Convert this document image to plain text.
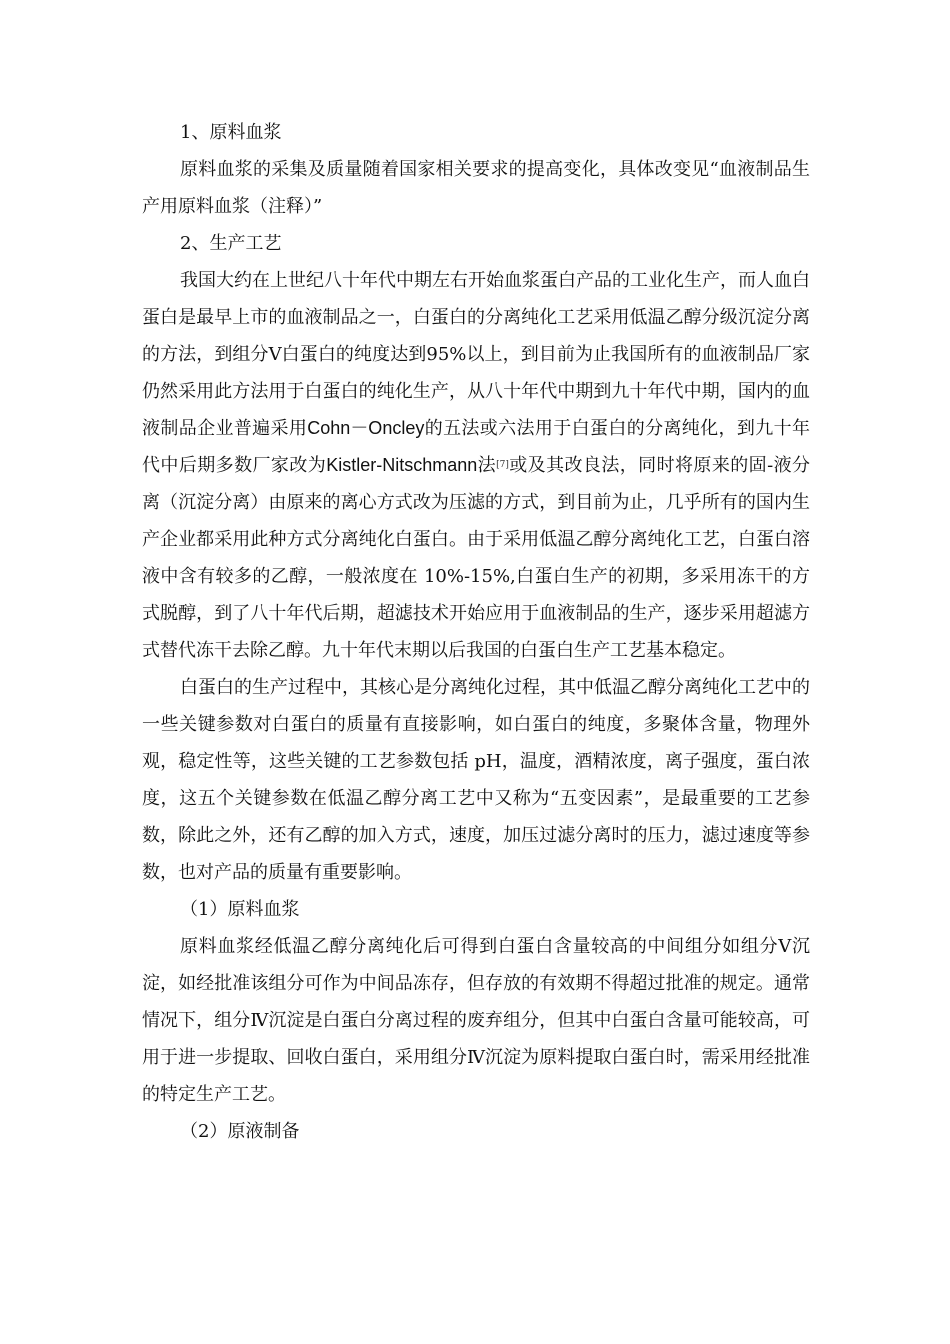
1、原料血浆

原料血浆的采集及质量随着国家相关要求的提高变化，具体改变见“血液制品生产用原料血浆（注释）”

2、生产工艺

我国大约在上世纪八十年代中期左右开始血浆蛋白产品的工业化生产，而人血白蛋白是最早上市的血液制品之一，白蛋白的分离纯化工艺采用低温乙醇分级沉淀分离的方法，到组分Ⅴ白蛋白的纯度达到95%以上，到目前为止我国所有的血液制品厂家仍然采用此方法用于白蛋白的纯化生产，从八十年代中期到九十年代中期，国内的血液制品企业普遍采用Cohn－Oncley的五法或六法用于白蛋白的分离纯化，到九十年代中后期多数厂家改为Kistler-Nitschmann法[7]或及其改良法，同时将原来的固-液分离（沉淀分离）由原来的离心方式改为压滤的方式，到目前为止，几乎所有的国内生产企业都采用此种方式分离纯化白蛋白。由于采用低温乙醇分离纯化工艺，白蛋白溶液中含有较多的乙醇，一般浓度在 10%-15%,白蛋白生产的初期，多采用冻干的方式脱醇，到了八十年代后期，超滤技术开始应用于血液制品的生产，逐步采用超滤方式替代冻干去除乙醇。九十年代末期以后我国的白蛋白生产工艺基本稳定。

白蛋白的生产过程中，其核心是分离纯化过程，其中低温乙醇分离纯化工艺中的一些关键参数对白蛋白的质量有直接影响，如白蛋白的纯度，多聚体含量，物理外观，稳定性等，这些关键的工艺参数包括 pH，温度，酒精浓度，离子强度，蛋白浓度，这五个关键参数在低温乙醇分离工艺中又称为“五变因素”，是最重要的工艺参数，除此之外，还有乙醇的加入方式，速度，加压过滤分离时的压力，滤过速度等参数，也对产品的质量有重要影响。

（1）原料血浆

原料血浆经低温乙醇分离纯化后可得到白蛋白含量较高的中间组分如组分Ⅴ沉淀，如经批准该组分可作为中间品冻存，但存放的有效期不得超过批准的规定。通常情况下，组分Ⅳ沉淀是白蛋白分离过程的废弃组分，但其中白蛋白含量可能较高，可用于进一步提取、回收白蛋白，采用组分Ⅳ沉淀为原料提取白蛋白时，需采用经批准的特定生产工艺。

（2）原液制备
